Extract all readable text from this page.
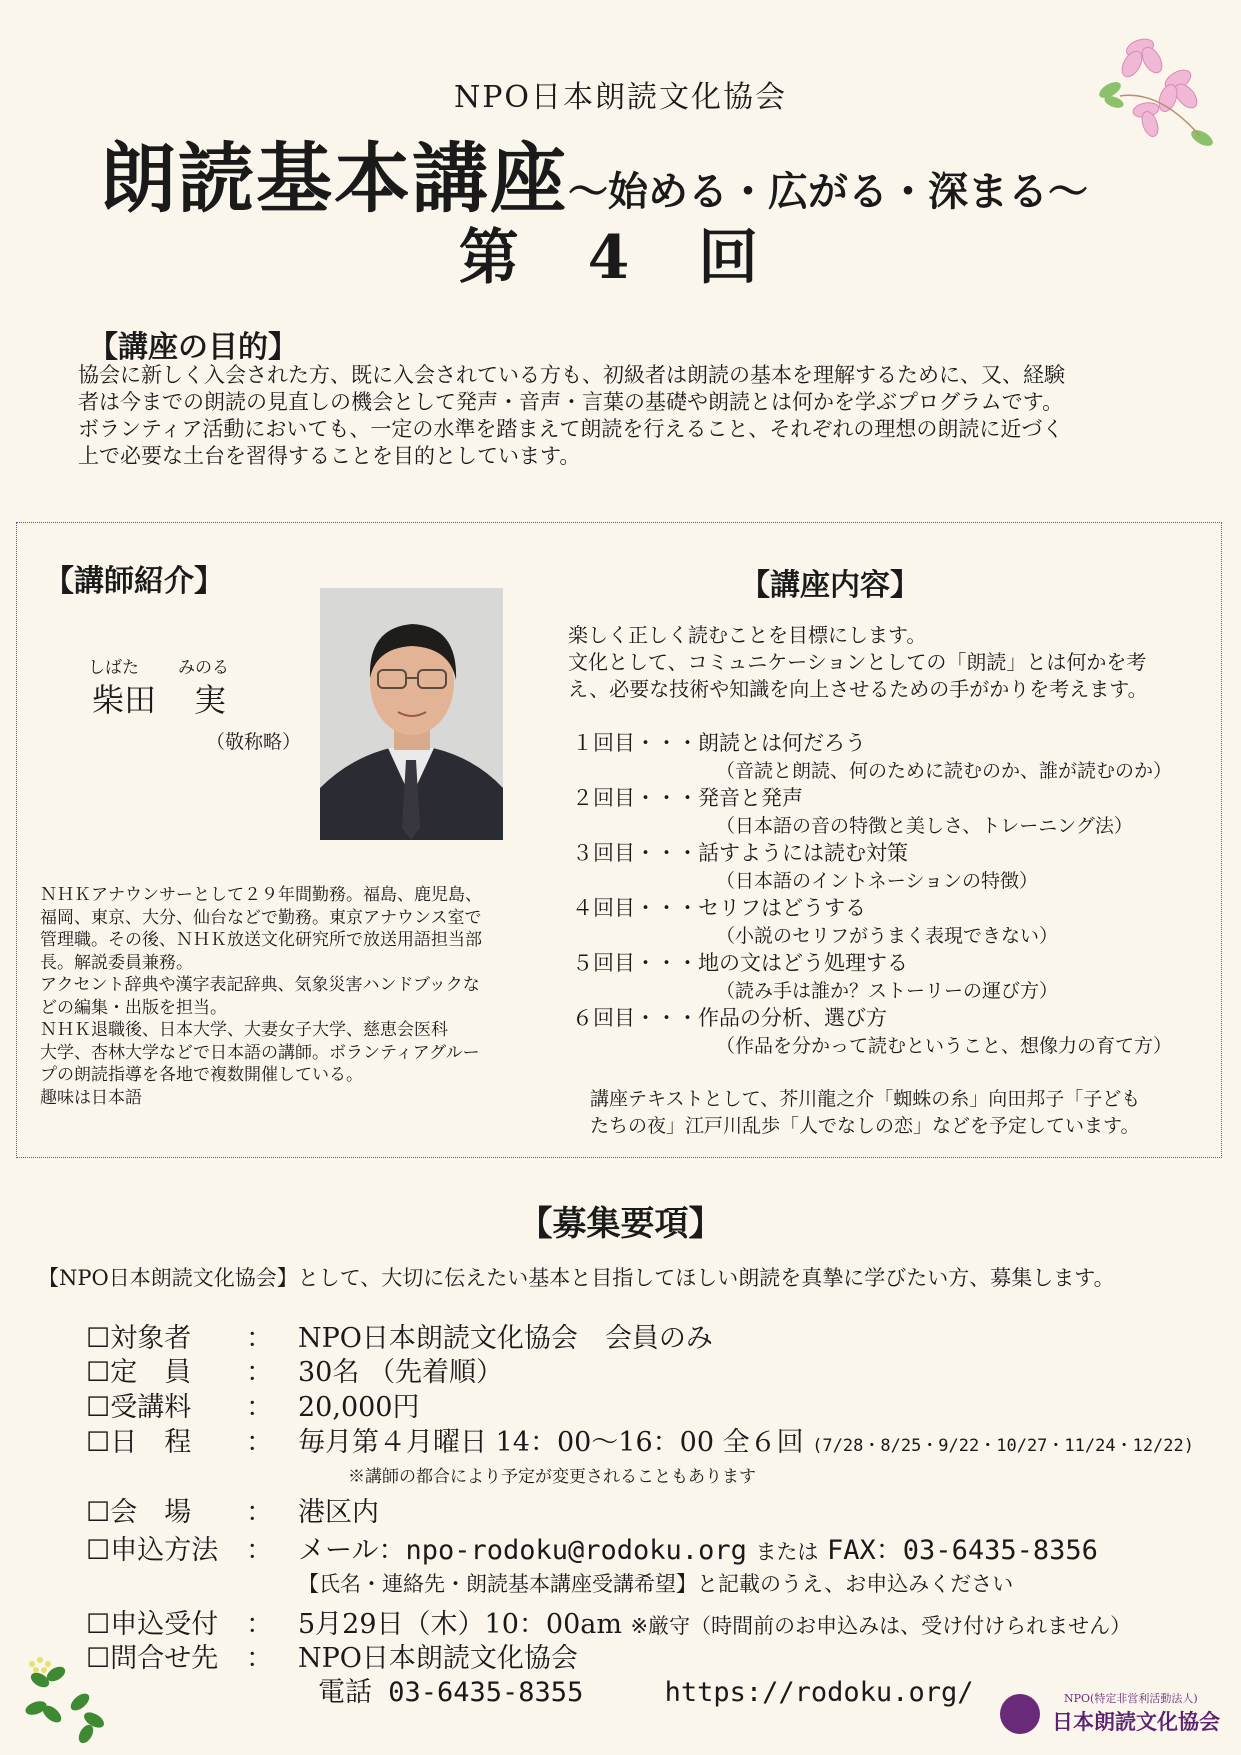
NPO日本朗読文化協会
朗読基本講座～始める・広がる・深まる～
第 4 回
【講座の目的】
協会に新しく入会された方、既に入会されている方も、初級者は朗読の基本を理解するために、又、経験
者は今までの朗読の見直しの機会として発声・音声・言葉の基礎や朗読とは何かを学ぶプログラムです。
ボランティア活動においても、一定の水準を踏まえて朗読を行えること、それぞれの理想の朗読に近づく
上で必要な土台を習得することを目的としています。
【講師紹介】
しばた みのる
柴田 実
（敬称略）
ＮＨＫアナウンサーとして２９年間勤務。福島、鹿児島、
福岡、東京、大分、仙台などで勤務。東京アナウンス室で
管理職。その後、ＮＨＫ放送文化研究所で放送用語担当部
長。解説委員兼務。
アクセント辞典や漢字表記辞典、気象災害ハンドブックな
どの編集・出版を担当。
ＮＨＫ退職後、日本大学、大妻女子大学、慈恵会医科
大学、杏林大学などで日本語の講師。ボランティアグルー
プの朗読指導を各地で複数開催している。
趣味は日本語
【講座内容】
楽しく正しく読むことを目標にします。
文化として、コミュニケーションとしての「朗読」とは何かを考
え、必要な技術や知識を向上させるための手がかりを考えます。
１回目・・・朗読とは何だろう
（音読と朗読、何のために読むのか、誰が読むのか）
２回目・・・発音と発声
（日本語の音の特徴と美しさ、トレーニング法）
３回目・・・話すようには読む対策
（日本語のイントネーションの特徴）
４回目・・・セリフはどうする
（小説のセリフがうまく表現できない）
５回目・・・地の文はどう処理する
（読み手は誰か？ストーリーの運び方）
６回目・・・作品の分析、選び方
（作品を分かって読むということ、想像力の育て方）
講座テキストとして、芥川龍之介「蜘蛛の糸」向田邦子「子ども
たちの夜」江戸川乱歩「人でなしの恋」などを予定しています。
【募集要項】
【NPO日本朗読文化協会】として、大切に伝えたい基本と目指してほしい朗読を真摯に学びたい方、募集します。
☐対象者 ： NPO日本朗読文化協会　会員のみ
☐定　員 ： 30名 （先着順）
☐受講料 ： 20,000円
☐日　程 ： 毎月第４月曜日 14：00～16：00 全６回 (7/28・8/25・9/22・10/27・11/24・12/22)
※講師の都合により予定が変更されることもあります
☐会　場 ： 港区内
☐申込方法 ： メール：npo-rodoku@rodoku.org または FAX：03-6435-8356
【氏名・連絡先・朗読基本講座受講希望】と記載のうえ、お申込みください
☐申込受付 ： 5月29日（木）10：00am ※厳守（時間前のお申込みは、受け付けられません）
☐問合せ先 ： NPO日本朗読文化協会
電話 03-6435-8355	https://rodoku.org/	NPO(特定非営利活動法人)
日本朗読文化協会
